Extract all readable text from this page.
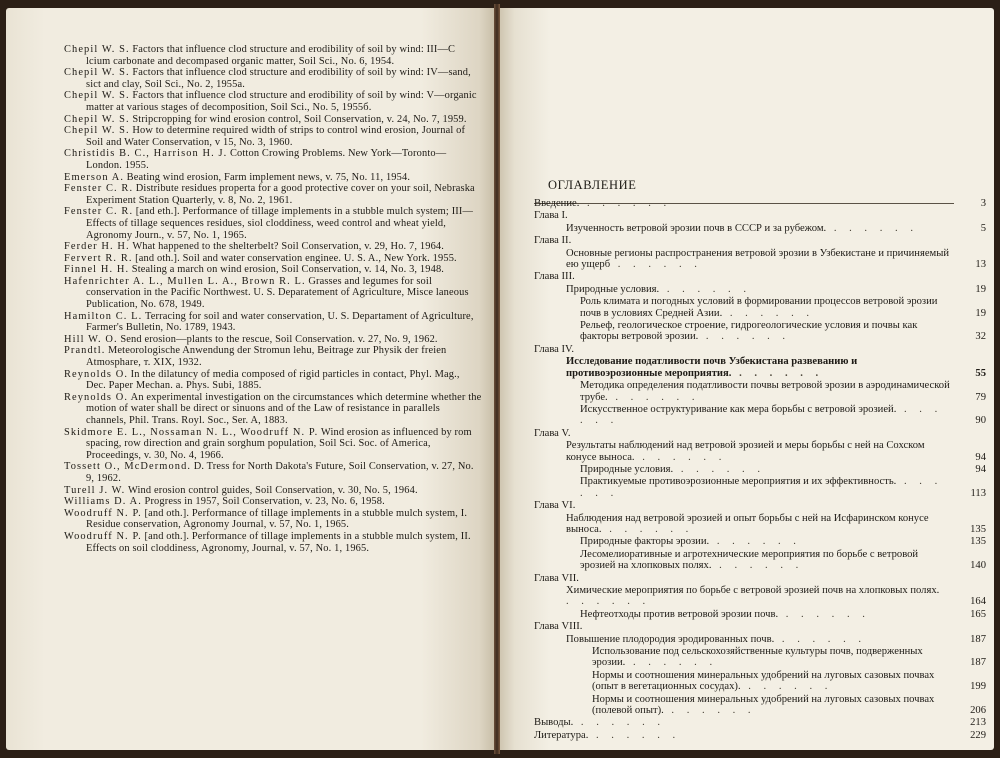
Chepil W. S. Factors that influence clod structure and erodibility of soil by wind: III—C lcium carbonate and decompased organic matter, Soil Sci., No. 6, 1954.
Chepil W. S. Factors that influence clod structure and erodibility of soil by wind: IV—sand, sict and clay, Soil Sci., No. 2, 1955a.
Chepil W. S. Factors that influence clod structure and erodibility of soil by wind: V—organic matter at various stages of decomposition, Soil Sci., No. 5, 1955б.
Chepil W. S. Stripcropping for wind erosion control, Soil Conservation, v. 24, No. 7, 1959.
Chepil W. S. How to determine required width of strips to control wind erosion, Journal of Soil and Water Conservation, v 15, No. 3, 1960.
Christidis B. C., Harrison H. J. Cotton Crowing Problems. New York—Toronto—London. 1955.
Emerson A. Beating wind erosion, Farm implement news, v. 75, No. 11, 1954.
Fenster C. R. Distribute residues properta for a good protective cover on your soil, Nebraska Experiment Station Quarterly, v. 8, No. 2, 1961.
Fenster C. R. [and eth.]. Performance of tillage implements in a stubble mulch system; III—Effects of tillage sequences residues, siol cloddiness, weed control and wheat yield, Agronomy Journ., v. 57, No. 1, 1965.
Ferder H. H. What happened to the shelterbelt? Soil Conservation, v. 29, Ho. 7, 1964.
Fervert R. R. [and oth.]. Soil and water conservation enginee. U. S. A., New York. 1955.
Finnel H. H. Stealing a march on wind erosion, Soil Conservation, v. 14, No. 3, 1948.
Hafenrichter A. L., Mullen L. A., Brown R. L. Grasses and legumes for soil conservation in the Pacific Northwest. U. S. Deparatement of Agriculture, Misce laneous Publication, No. 678, 1949.
Hamilton C. L. Terracing for soil and water conservation, U. S. Departament of Agriculture, Farmer's Bulletin, No. 1789, 1943.
Hill W. O. Send erosion—plants to the rescue, Soil Conservation. v. 27, No. 9, 1962.
Prandtl. Meteorologische Anwendung der Stromun lehu, Beitrage zur Physik der freien Atmosphare, т. XIX, 1932.
Reynolds O. In the dilatuncy of media composed of rigid particles in contact, Phyl. Mag., Dec. Paper Mechan. a. Phys. Subi, 1885.
Reynolds O. An experimental investigation on the circumstances which determine whether the motion of water shall be direct or sinuons and of the Law of resistance in parallels channels, Phil. Trans. Royl. Soc., Ser. A, 1883.
Skidmore E. L., Nossaman N. L., Woodruff N. P. Wind erosion as influenced by rom spacing, row direction and grain sorghum population, Soil Sci. Soc. of America, Proceedings, v. 30, No. 4, 1966.
Tossett O., McDermond. D. Tress for North Dakota's Future, Soil Conservation, v. 27, No. 9, 1962.
Turell J. W. Wind erosion control guides, Soil Conservation, v. 30, No. 5, 1964.
Williams D. A. Progress in 1957, Soil Conservation, v. 23, No. 6, 1958.
Woodruff N. P. [and oth.]. Performance of tillage implements in a stubble mulch system, I. Residue conservation, Agronomy Journal, v. 57, No. 1, 1965.
Woodruff N. P. [and oth.]. Performance of tillage implements in a stubble mulch system, II. Effects on soil cloddiness, Agronomy, Journal, v. 57, No. 1, 1965.
ОГЛАВЛЕНИЕ
Введение. . . . . . .	3
Глава I.
Изученность ветровой эрозии почв в СССР и за рубежом. . . . . . .	5
Глава II.
Основные регионы распространения ветровой эрозии в Узбекистане и причиняемый ею ущерб . . . . . .	13
Глава III.
Природные условия. . . . . . .	19
Роль климата и погодных условий в формировании процессов ветровой эрозии почв в условиях Средней Азии. . . . . . .	19
Рельеф, геологическое строение, гидрогеологические условия и почвы как факторы ветровой эрозии. . . . . . .	32
Глава IV.
Исследование податливости почв Узбекистана развеванию и противоэрозионные мероприятия. . . . . . .	55
Методика определения податливости почвы ветровой эрозии в аэродинамической трубе. . . . . . .	79
Искусственное оструктуривание как мера борьбы с ветровой эрозией. . . . . . .	90
Глава V.
Результаты наблюдений над ветровой эрозией и меры борьбы с ней на Сохском конусе выноса. . . . . . .	94
Природные условия. . . . . . .	94
Практикуемые противоэрозионные мероприятия и их эффективность. . . . . . .	113
Глава VI.
Наблюдения над ветровой эрозией и опыт борьбы с ней на Исфаринском конусе выноса. . . . . . .	135
Природные факторы эрозии. . . . . . .	135
Лесомелиоративные и агротехнические мероприятия по борьбе с ветровой эрозией на хлопковых полях. . . . . . .	140
Глава VII.
Химические мероприятия по борьбе с ветровой эрозией почв на хлопковых полях. . . . . . .	164
Нефтеотходы против ветровой эрозии почв. . . . . . .	165
Глава VIII.
Повышение плодородия эродированных почв. . . . . . .	187
Использование под сельскохозяйственные культуры почв, подверженных эрозии. . . . . . .	187
Нормы и соотношения минеральных удобрений на луговых сазовых почвах (опыт в вегетационных сосудах). . . . . . .	199
Нормы и соотношения минеральных удобрений на луговых сазовых почвах (полевой опыт). . . . . . .	206
Выводы. . . . . . .	213
Литература. . . . . . .	229
